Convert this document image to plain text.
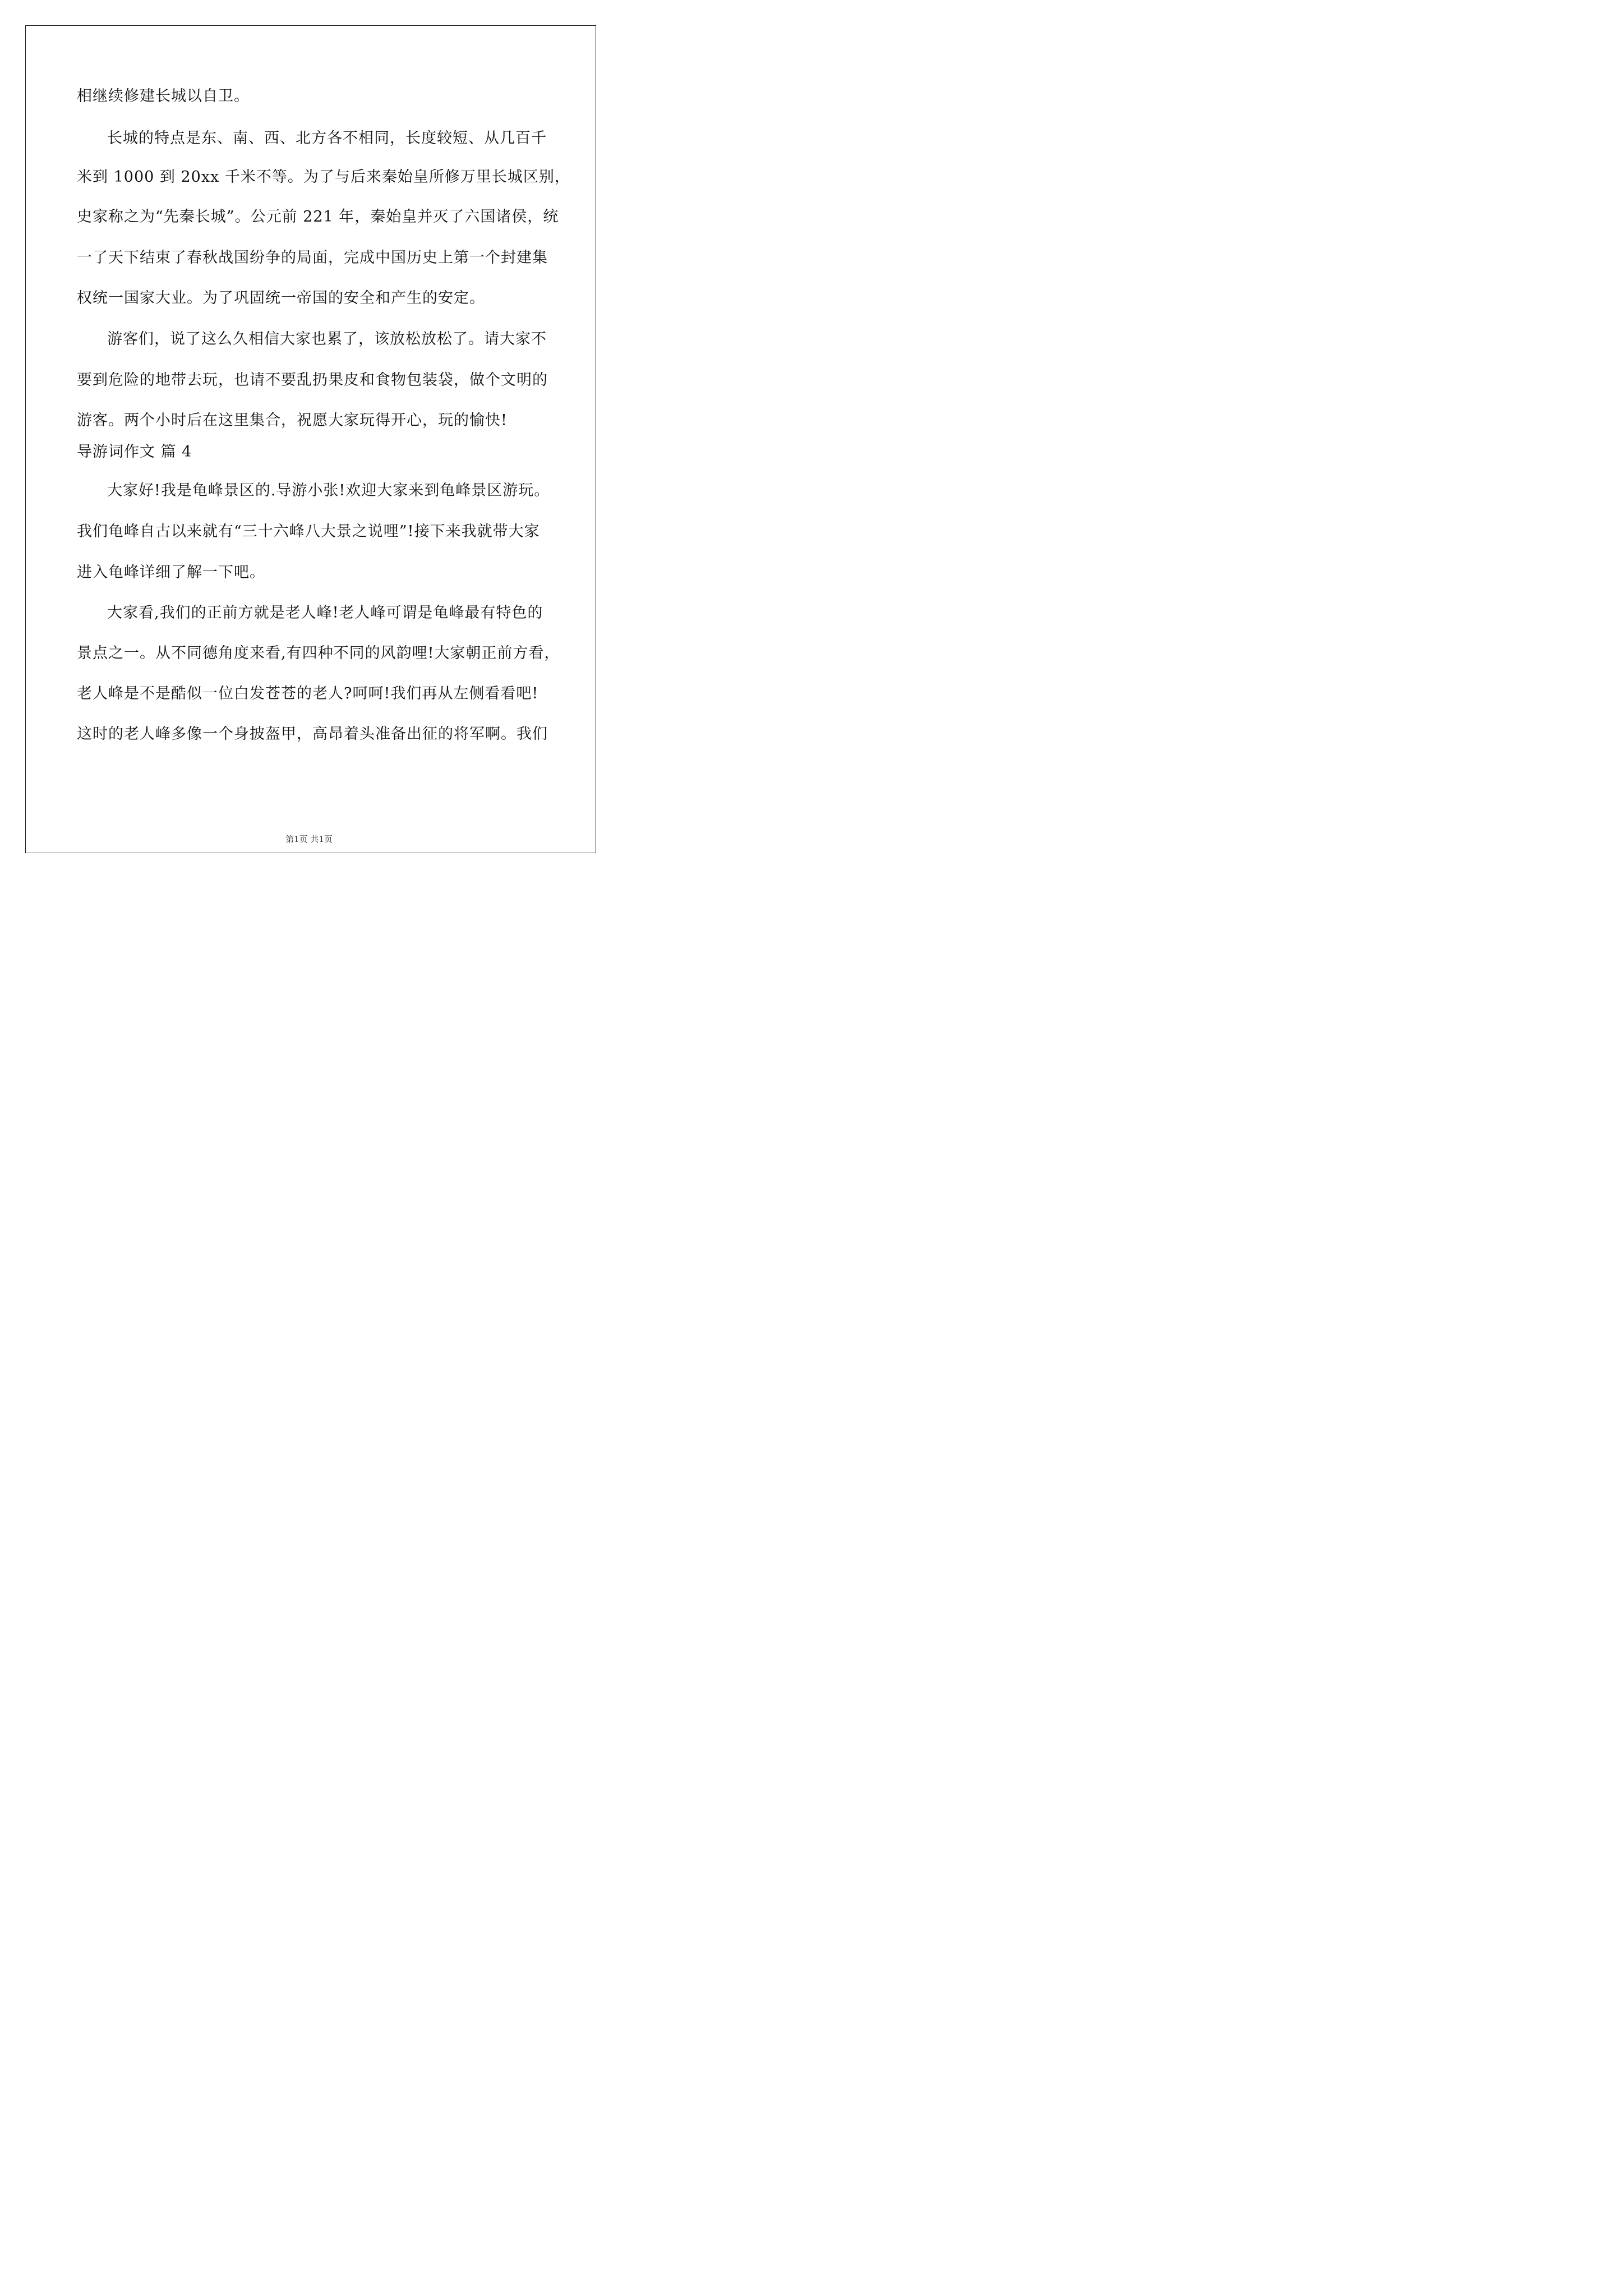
相继续修建长城以自卫。
长城的特点是东、南、西、北方各不相同，长度较短、从几百千
米到 1000 到 20xx 千米不等。为了与后来秦始皇所修万里长城区别，
史家称之为“先秦长城”。公元前 221 年，秦始皇并灭了六国诸侯，统
一了天下结束了春秋战国纷争的局面，完成中国历史上第一个封建集
权统一国家大业。为了巩固统一帝国的安全和产生的安定。
游客们，说了这么久相信大家也累了，该放松放松了。请大家不
要到危险的地带去玩，也请不要乱扔果皮和食物包装袋，做个文明的
游客。两个小时后在这里集合，祝愿大家玩得开心，玩的愉快!
导游词作文 篇 4
大家好!我是龟峰景区的.导游小张!欢迎大家来到龟峰景区游玩。
我们龟峰自古以来就有“三十六峰八大景之说哩”!接下来我就带大家
进入龟峰详细了解一下吧。
大家看,我们的正前方就是老人峰!老人峰可谓是龟峰最有特色的
景点之一。从不同德角度来看,有四种不同的风韵哩!大家朝正前方看，
老人峰是不是酷似一位白发苍苍的老人?呵呵!我们再从左侧看看吧!
这时的老人峰多像一个身披盔甲，高昂着头准备出征的将军啊。我们
第1页 共1页
